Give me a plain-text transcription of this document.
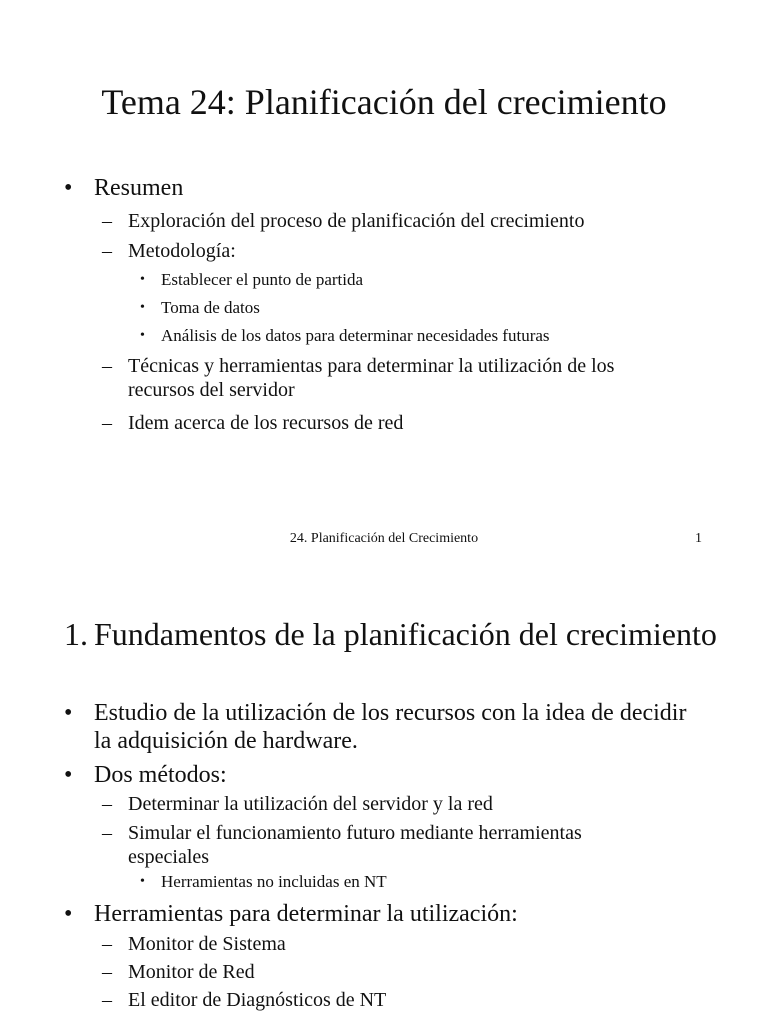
Tema 24: Planificación del crecimiento
• Resumen
– Exploración del proceso de planificación del crecimiento
– Metodología:
• Establecer el punto de partida
• Toma de datos
• Análisis de los datos para determinar necesidades futuras
– Técnicas y herramientas para determinar la utilización de los recursos del servidor
– Idem acerca de los recursos de red
24. Planificación del Crecimiento	1
1. Fundamentos de la planificación del crecimiento
• Estudio de la utilización de los recursos con la idea de decidir la adquisición de hardware.
• Dos métodos:
– Determinar la utilización del servidor y la red
– Simular el funcionamiento futuro mediante herramientas especiales
• Herramientas no incluidas en NT
• Herramientas para determinar la utilización:
– Monitor de Sistema
– Monitor de Red
– El editor de Diagnósticos de NT
